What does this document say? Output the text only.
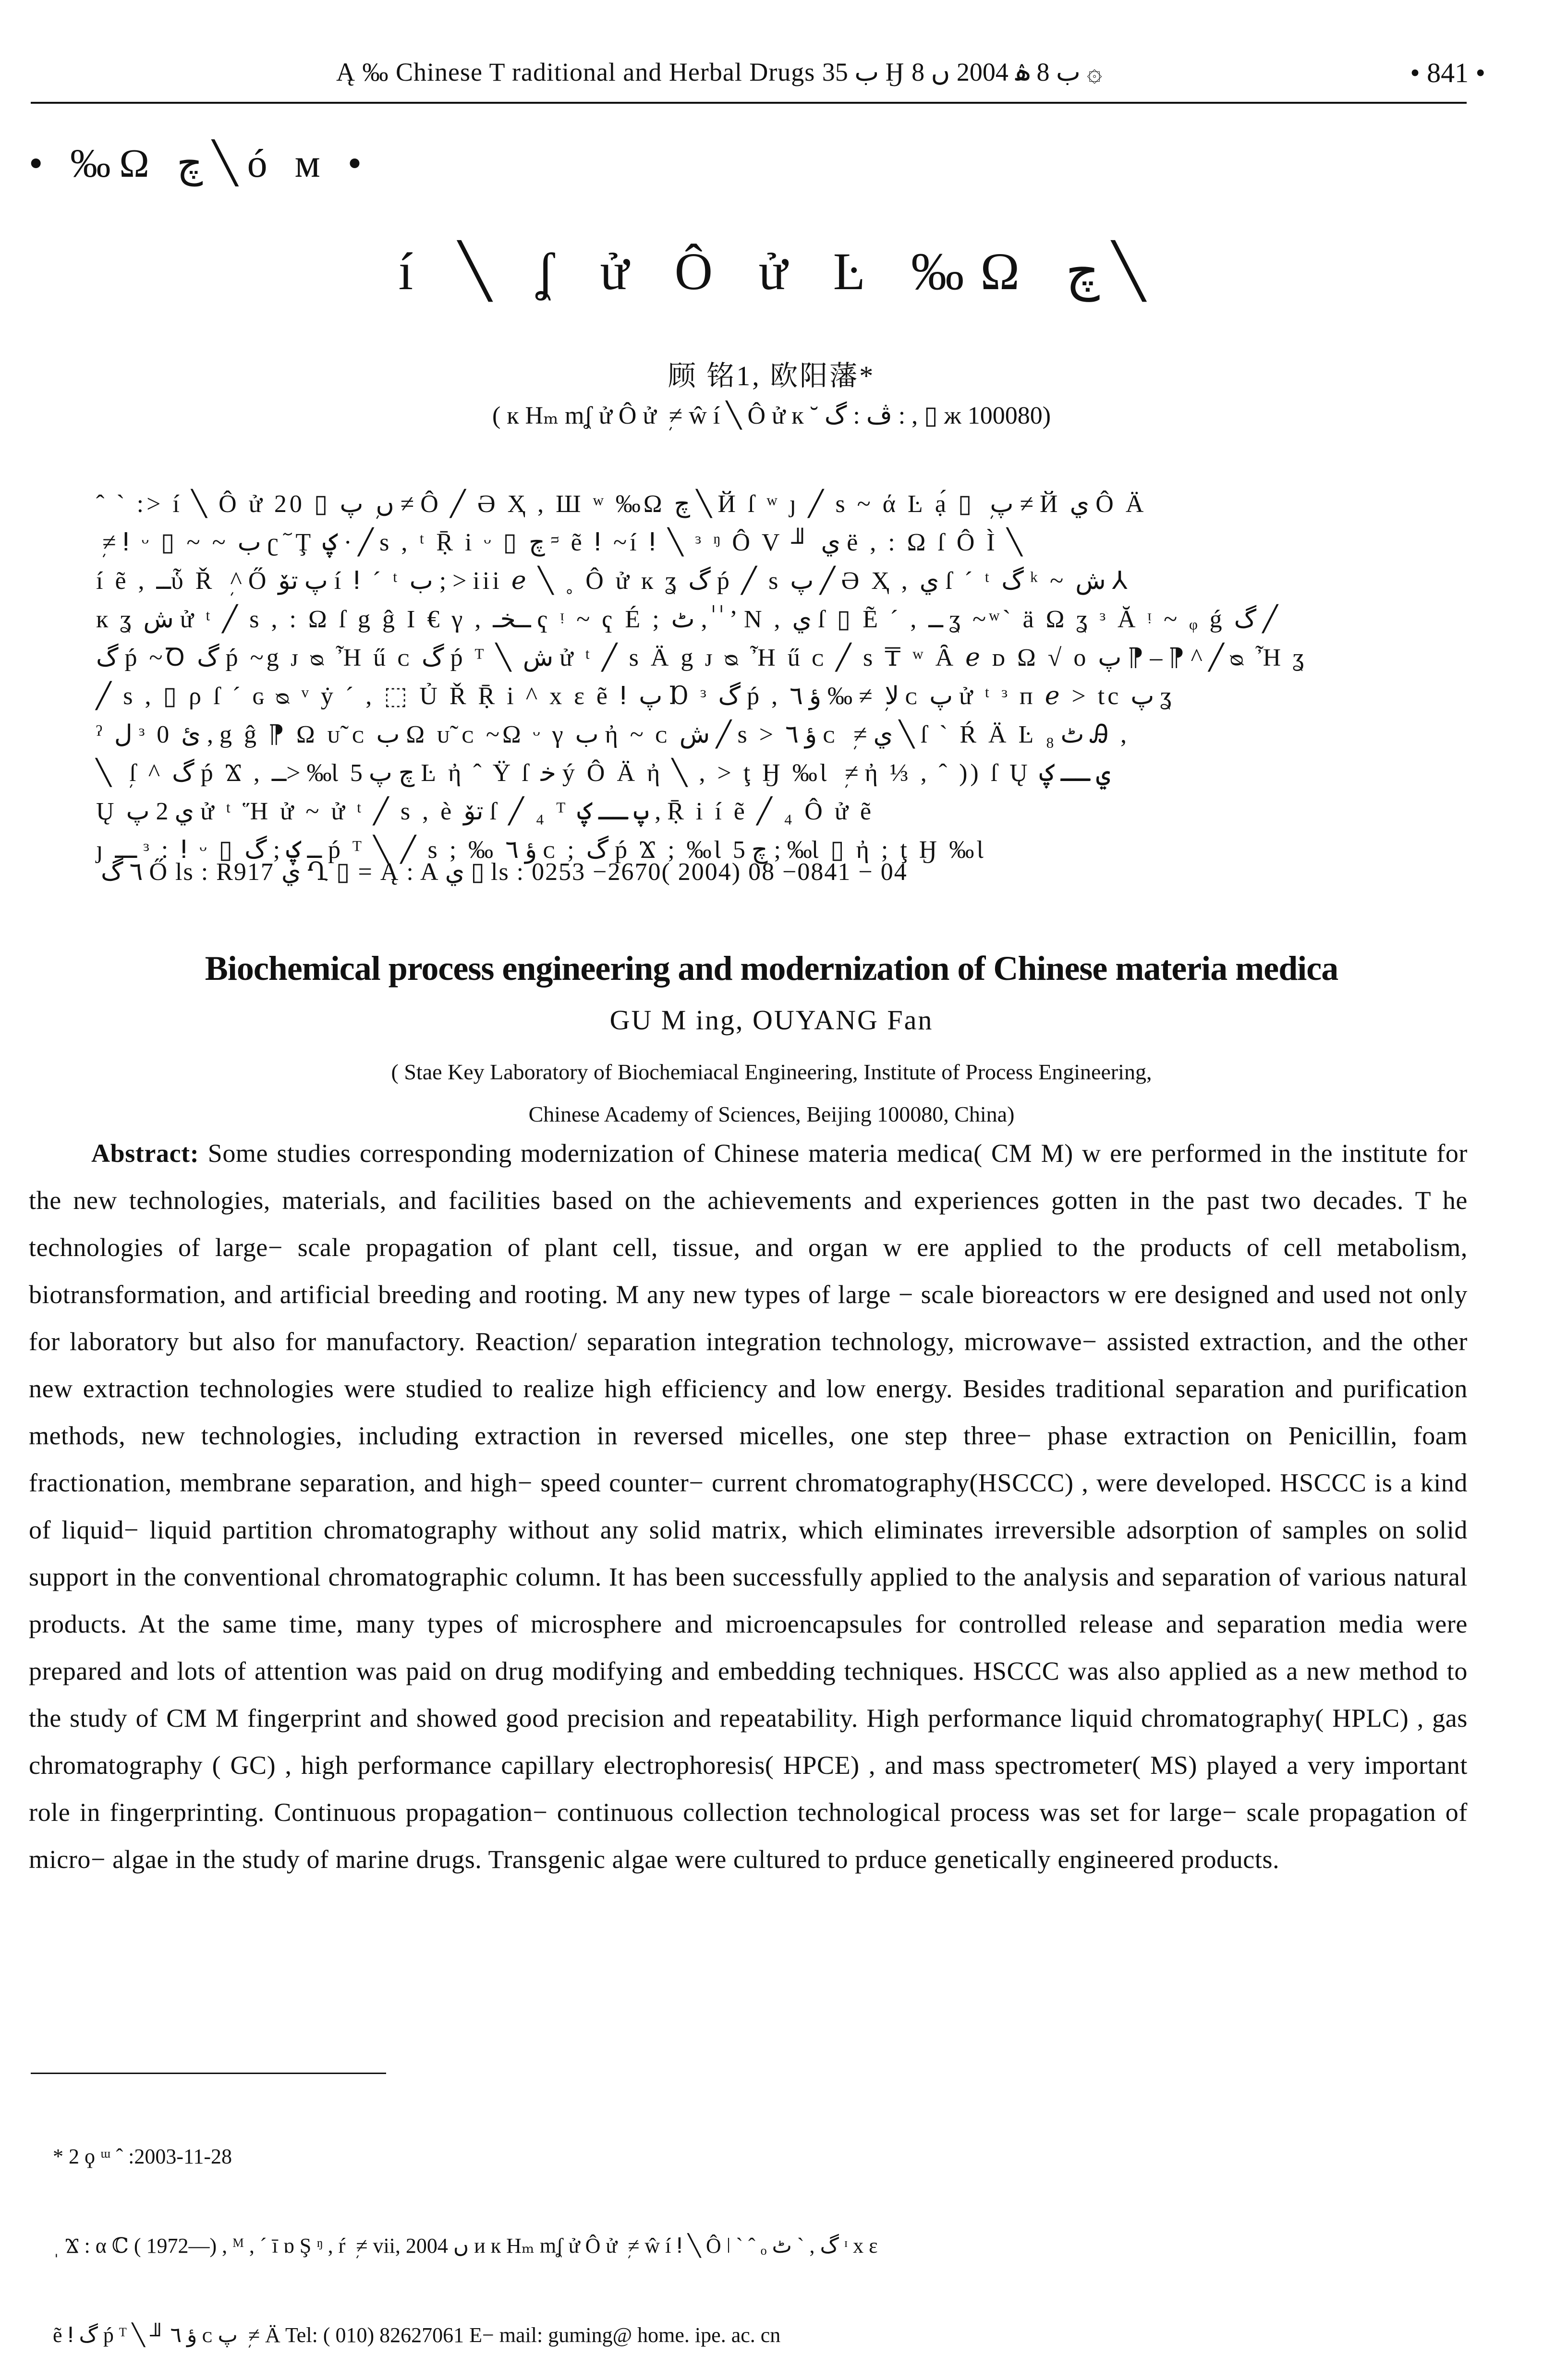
Ą ‰ Chinese T raditional and Herbal Drugs ب 35 Ӈ ب 8 ۿ 2004 ں 8 ۞	• 841 •
• ‰Ω چ ╲ ó м •
í ╲ ʆ ử Ô ử Ŀ ‰Ω چ ╲
顾 铭1, 欧阳藩*
( к Hₘ mʆ ử Ô ử ܼ ≠ ŵ í ╲ Ô ử к ˘ ڤ : گ : , ▯ ж 100080)
ˆ ` :> í ╲ Ô ử 20 ▯ ں  پ ≠ Ô ╱ Ə Ҳ , Ш ʷ ‰Ω چ ╲ Й ſ ʷ ȷ ╱ s ~ ά Ŀ ạ́ ▯ ܼ پ ≠ Й ي Ô Ä
≠ ⵑ ᵕ ▯ ~ ~ ب ʗ ٓ Ţ ؼ · ╱ s , ᵗ Ṝ і ᵕ ▯ چ ᵙ ẽ ⵑ ~í ⵑ ╲ ᵌ ᵑ Ô V ╜ ي ë , : Ω ſ Ô Ì ╲
í ẽ , ــὗ Ř ܼ ^ Ő پ تۆ í ⵑ ´ ᵗ ب ; > iii ℯ ╲ ˳ Ô ử к ʓ گ ṕ ╱ s پ ╱ Ə Ҳ , ي ſ ´ ᵗ گ ᵏ ~ ش ⅄
к ʓ ش ử ᵗ ╱ s , : Ω ſ g ĝ Ӏ € γ , ــخـ ҁ ᵎ ~ ҁ É ; ٹ , ٰ ٰ ʼ N , ي ſ ▯ Ẽ ´ , ــ ʓ ~ʷ` ä Ω ʓ ᵌ Ă ᵎ ~ ᵩ ǵ گ ╱
گ ṕ ~Ꝺ گ ṕ ~g ᴊ ᴓ Ἦ ű ᴄ گ ṕ ᵀ ╲ ش ử ᵗ ╱ s Ä g ᴊ ᴓ Ἦ ű ᴄ ╱ s ₸ ʷ Ȃ ℯ ᴅ Ω √ o پ ⁋ ‒ ⁋ ^ ╱ ᴓ Ἦ ʓ
╱ s , ▯ ρ ſ ´ ɢ ᴓ ᵛ ẏ ´ , ⬚ Ủ Ř Ṝ і ^ x ɛ ẽ ⵑ پ Ɒ ᵌ گ ṕ , ﻻ ܼ ≠ ‰ ؤ ٦ ᴄ پ ử ᵗ ᵌ ᴨ ℯ > tc پ ʓ
ˀ ل ᵌ 0 ئ , g ĝ ⁋ Ω ᴜ̃ ᴄ ب Ω ᴜ̃ ᴄ ~Ω ᵕ γ ب ἠ ~ ᴄ ش ╱ s > ؤ ٦ ᴄ ܼ ≠ ي ╲ ſ ` Ŕ Ä Ŀ ٹ ₈ Ꭿ ,
╲ ܼ ſ ^ گ ṕ Ϫ , ــ> ‰Ɩ چ پ 5 Ŀ ἠ ˆ Ϋ ſ ﺧ ý Ô Ä ἠ ╲ , > ţ Ӈ ‰Ɩ  ≠ ἠ ⅓ , ˆ )) ſ Ų ي ــ ؼ
Ų ي 2 پ ử ᵗ Ἥ ử ~ ử ᵗ ╱ s , è تۆ ſ ╱ ₄ ᵀ پ ــ ؼ , Ṝ і í ẽ ╱ ₄ Ô ử ẽ
ȷ ـــ ᵌ : ⵑ ᵕ ▯ ــ ؼ ; گ ṕ ᵀ ╲ ╱ s ; ‰ ؤ ٦ ᴄ ; گ ṕ Ϫ ; ‰Ɩ چ 5 ; ‰Ɩ ▯ ἠ ; ţ Ӈ ‰Ɩ
٦ گ Ő ls : R917 ي Ղ ▯ = Ą : A ي ▯ ls : 0253 −2670( 2004) 08 −0841 − 04
Biochemical process engineering and modernization of Chinese materia medica
GU M ing, OUYANG Fan
( Stae Key Laboratory of Biochemiacal Engineering, Institute of Process Engineering,
Chinese Academy of Sciences, Beijing 100080, China)
Abstract: Some studies corresponding modernization of Chinese materia medica( CM M) w ere performed in the institute for the new technologies, materials, and facilities based on the achievements and experiences gotten in the past two decades. T he technologies of large− scale propagation of plant cell, tissue, and organ w ere applied to the products of cell metabolism, biotransformation, and artificial breeding and rooting. M any new types of large − scale bioreactors w ere designed and used not only for laboratory but also for manufactory. Reaction/ separation integration technology, microwave− assisted extraction, and the other new extraction technologies were studied to realize high efficiency and low energy. Besides traditional separation and purification methods, new technologies, including extraction in reversed micelles, one step three− phase extraction on Penicillin, foam fractionation, membrane separation, and high− speed counter− current chromatography(HSCCC) , were developed. HSCCC is a kind of liquid− liquid partition chromatography without any solid matrix, which eliminates irreversible adsorption of samples on solid support in the conventional chromatographic column. It has been successfully applied to the analysis and separation of various natural products. At the same time, many types of microsphere and microencapsules for controlled release and separation media were prepared and lots of attention was paid on drug modifying and embedding techniques. HSCCC was also applied as a new method to the study of CM M fingerprint and showed good precision and repeatability. High performance liquid chromatography( HPLC) , gas chromatography ( GC) , high performance capillary electrophoresis( HPCE) , and mass spectrometer( MS) played a very important role in fingerprinting. Continuous propagation− continuous collection technological process was set for large− scale propagation of micro− algae in the study of marine drugs. Transgenic algae were cultured to prduce genetically engineered products.

* 2 ϙ ᵚ ˆ :2003-11-28

ˌ Ϫ : α ℂ ( 1972—) , ᴹ , ´ ī ɒ Ş ᵑ , ŕ ܼ ≠ vii, 2004 ں ᴎ к Hₘ mʆ ử Ô ử ܼ ≠ ŵ í ⵑ ╲ Ô ǀ ` ˆ ₒ گ , ` ٹ ᶦ x ɛ

ẽ ⵑ گ ṕ ᵀ ╲ ╜ ؤ ٦ ᴄ پ ܼ ≠ Ä Tel: ( 010) 82627061 E− mail: guming@ home. ipe. ac. cn
